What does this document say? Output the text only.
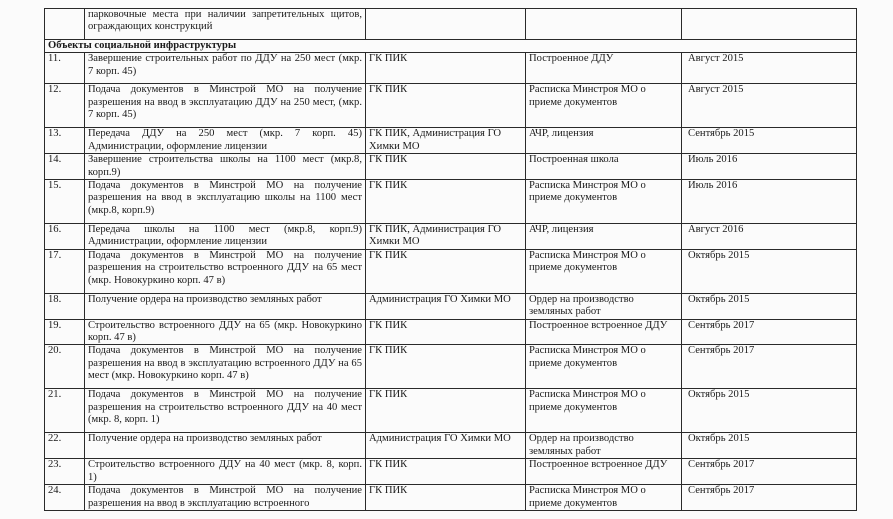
	парковочные места при наличии запретительных щитов, ограждающих конструкций			
Объекты социальной инфраструктуры				
11.	Завершение строительных работ по ДДУ на 250 мест (мкр. 7 корп. 45)	ГК ПИК	Построенное ДДУ	Август 2015
12.	Подача документов в Минстрой МО на получение разрешения на ввод в эксплуатацию ДДУ на 250 мест, (мкр. 7 корп. 45)	ГК ПИК	Расписка Минстроя МО о приеме документов	Август 2015
13.	Передача ДДУ на 250 мест (мкр. 7 корп. 45) Администрации, оформление лицензии	ГК ПИК, Администрация ГО Химки МО	АЧР, лицензия	Сентябрь 2015
14.	Завершение строительства школы на 1100 мест (мкр.8, корп.9)	ГК ПИК	Построенная школа	Июль 2016
15.	Подача документов в Минстрой МО на получение разрешения на ввод в эксплуатацию школы на 1100 мест (мкр.8, корп.9)	ГК ПИК	Расписка Минстроя МО о приеме документов	Июль 2016
16.	Передача школы на 1100 мест (мкр.8, корп.9) Администрации, оформление лицензии	ГК ПИК, Администрация ГО Химки МО	АЧР, лицензия	Август 2016
17.	Подача документов в Минстрой МО на получение разрешения на строительство встроенного ДДУ на 65 мест (мкр. Новокуркино корп. 47 в)	ГК ПИК	Расписка Минстроя МО о приеме документов	Октябрь 2015
18.	Получение ордера на производство земляных работ	Администрация ГО Химки МО	Ордер на производство земляных работ	Октябрь 2015
19.	Строительство встроенного ДДУ на 65 (мкр. Новокуркино корп. 47 в)	ГК ПИК	Построенное встроенное ДДУ	Сентябрь 2017
20.	Подача документов в Минстрой МО на получение разрешения на ввод в эксплуатацию встроенного ДДУ на 65 мест (мкр. Новокуркино корп. 47 в)	ГК ПИК	Расписка Минстроя МО о приеме документов	Сентябрь 2017
21.	Подача документов в Минстрой МО на получение разрешения на строительство встроенного ДДУ на 40 мест (мкр. 8, корп. 1)	ГК ПИК	Расписка Минстроя МО о приеме документов	Октябрь 2015
22.	Получение ордера на производство земляных работ	Администрация ГО Химки МО	Ордер на производство земляных работ	Октябрь 2015
23.	Строительство встроенного ДДУ на 40 мест (мкр. 8, корп. 1)	ГК ПИК	Построенное встроенное ДДУ	Сентябрь 2017
24.	Подача документов в Минстрой МО на получение разрешения на ввод в эксплуатацию встроенного	ГК ПИК	Расписка Минстроя МО о приеме документов	Сентябрь 2017
